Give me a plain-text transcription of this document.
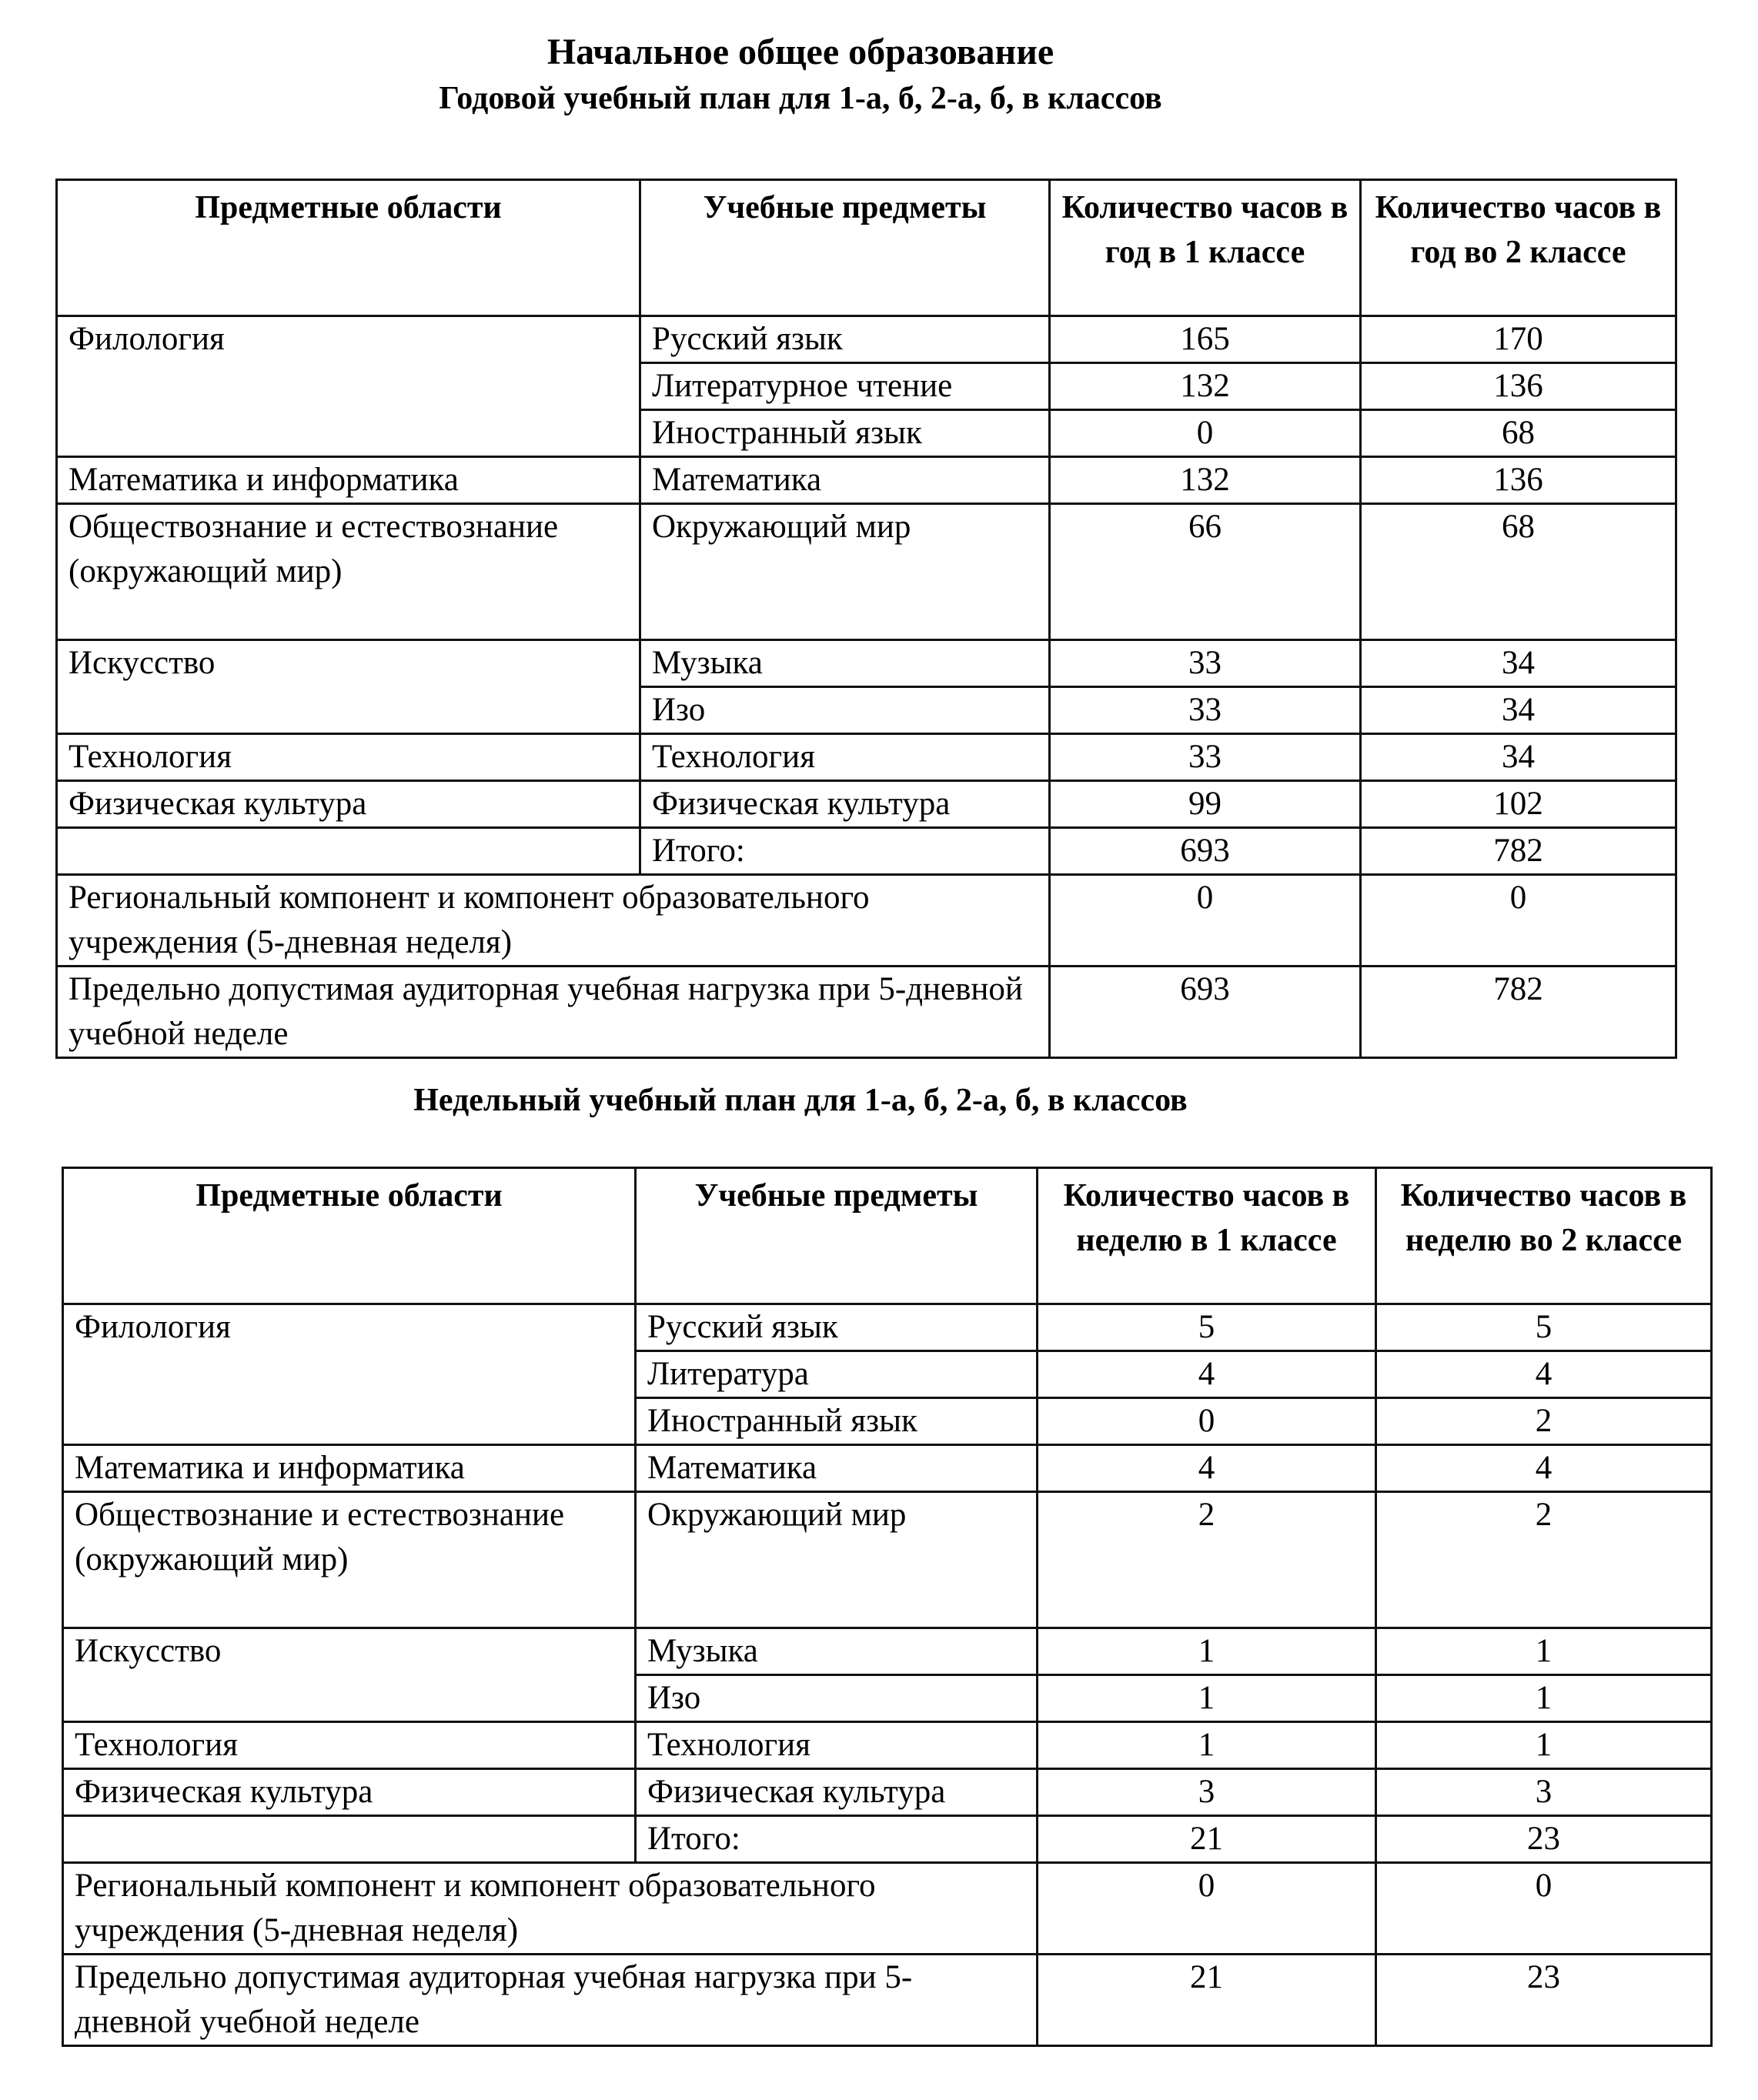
Начальное общее образование
Годовой учебный план для 1-а, б, 2-а, б, в классов
Предметные области	Учебные предметы	Количество часов в год в 1 классе	Количество часов в год во 2 классе
Филология	Русский язык	165	170
	Литературное чтение	132	136
	Иностранный язык	0	68
Математика и информатика	Математика	132	136
Обществознание и естествознание (окружающий мир)	Окружающий мир	66	68
Искусство	Музыка	33	34
	Изо	33	34
Технология	Технология	33	34
Физическая культура	Физическая культура	99	102
	Итого:	693	782
Региональный компонент и компонент образовательного учреждения (5-дневная неделя)		0	0
Предельно допустимая аудиторная учебная нагрузка при 5-дневной учебной неделе		693	782
Недельный учебный план для 1-а, б, 2-а, б, в классов
Предметные области	Учебные предметы	Количество часов в неделю в 1 классе	Количество часов в неделю во 2 классе
Филология	Русский язык	5	5
	Литература	4	4
	Иностранный язык	0	2
Математика и информатика	Математика	4	4
Обществознание и естествознание (окружающий мир)	Окружающий мир	2	2
Искусство	Музыка	1	1
	Изо	1	1
Технология	Технология	1	1
Физическая культура	Физическая культура	3	3
	Итого:	21	23
Региональный компонент и компонент образовательного учреждения (5-дневная неделя)		0	0
Предельно допустимая аудиторная учебная нагрузка при 5-дневной учебной неделе		21	23
